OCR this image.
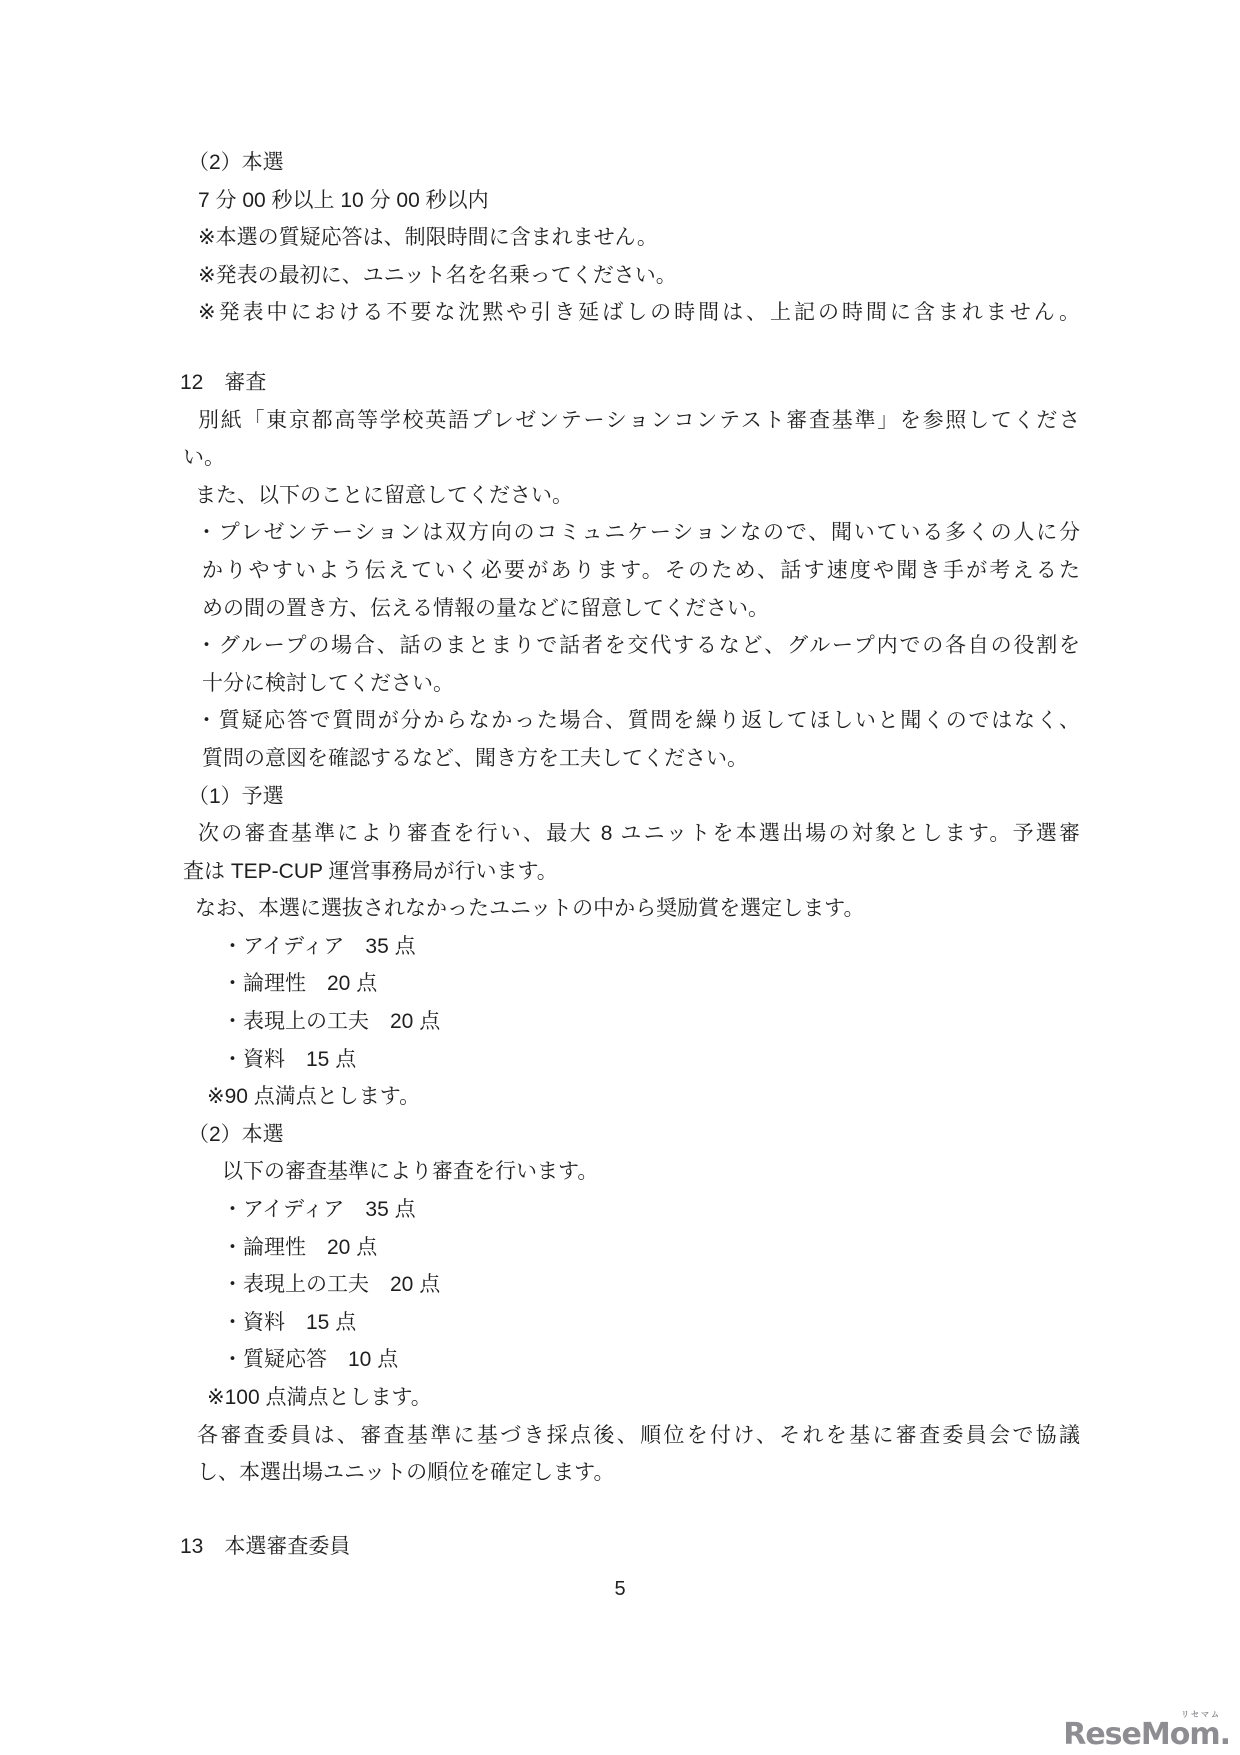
（2）本選
7 分 00 秒以上 10 分 00 秒以内
※本選の質疑応答は、制限時間に含まれません。
※発表の最初に、ユニット名を名乗ってください。
※発表中における不要な沈黙や引き延ばしの時間は、上記の時間に含まれません。
12　審査
別紙「東京都高等学校英語プレゼンテーションコンテスト審査基準」を参照してくださ
い。
また、以下のことに留意してください。
・プレゼンテーションは双方向のコミュニケーションなので、聞いている多くの人に分
かりやすいよう伝えていく必要があります。そのため、話す速度や聞き手が考えるた
めの間の置き方、伝える情報の量などに留意してください。
・グループの場合、話のまとまりで話者を交代するなど、グループ内での各自の役割を
十分に検討してください。
・質疑応答で質問が分からなかった場合、質問を繰り返してほしいと聞くのではなく、
質問の意図を確認するなど、聞き方を工夫してください。
（1）予選
次の審査基準により審査を行い、最大 8 ユニットを本選出場の対象とします。予選審
査は TEP-CUP 運営事務局が行います。
なお、本選に選抜されなかったユニットの中から奨励賞を選定します。
・アイディア　35 点
・論理性　20 点
・表現上の工夫　20 点
・資料　15 点
※90 点満点とします。
（2）本選
以下の審査基準により審査を行います。
・アイディア　35 点
・論理性　20 点
・表現上の工夫　20 点
・資料　15 点
・質疑応答　10 点
※100 点満点とします。
各審査委員は、審査基準に基づき採点後、順位を付け、それを基に審査委員会で協議
し、本選出場ユニットの順位を確定します。
13　本選審査委員
5
リセマム
ReseMom.
